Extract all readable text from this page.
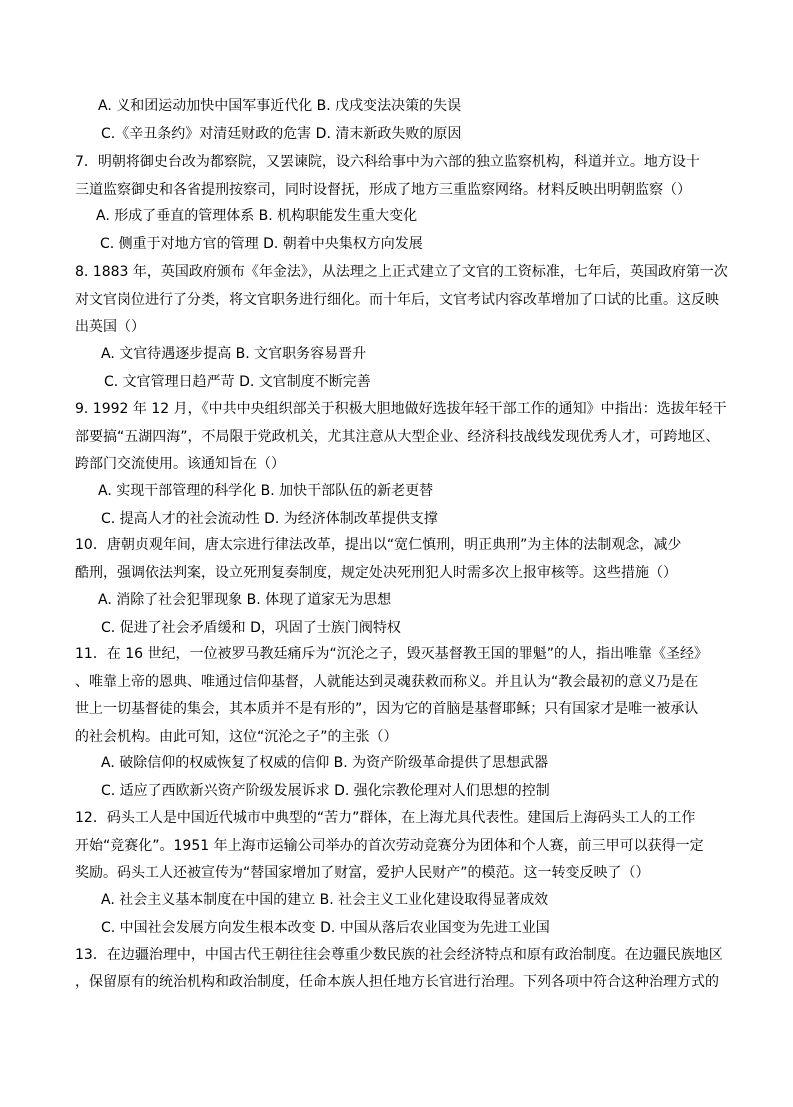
A. 义和团运动加快中国军事近代化 B. 戊戌变法决策的失误
C.《辛丑条约》对清廷财政的危害 D. 清末新政失败的原因
7．明朝将御史台改为都察院，又罢谏院，设六科给事中为六部的独立监察机构，科道并立。地方设十
三道监察御史和各省提刑按察司，同时设督抚，形成了地方三重监察网络。材料反映出明朝监察（）
A. 形成了垂直的管理体系 B. 机构职能发生重大变化
C. 侧重于对地方官的管理 D. 朝着中央集权方向发展
8. 1883 年，英国政府颁布《年金法》，从法理之上正式建立了文官的工资标准，七年后，英国政府第一次
对文官岗位进行了分类，将文官职务进行细化。而十年后，文官考试内容改革增加了口试的比重。这反映
出英国（）
A. 文官待遇逐步提高 B. 文官职务容易晋升
C. 文官管理日趋严苛 D. 文官制度不断完善
9. 1992 年 12 月，《中共中央组织部关于积极大胆地做好选拔年轻干部工作的通知》中指出：选拔年轻干
部要搞“五湖四海”，不局限于党政机关，尤其注意从大型企业、经济科技战线发现优秀人才，可跨地区、
跨部门交流使用。该通知旨在（）
A. 实现干部管理的科学化 B. 加快干部队伍的新老更替
C. 提高人才的社会流动性 D. 为经济体制改革提供支撑
10．唐朝贞观年间，唐太宗进行律法改革，提出以“宽仁慎刑，明正典刑”为主体的法制观念，减少
酷刑，强调依法判案，设立死刑复奏制度，规定处决死刑犯人时需多次上报审核等。这些措施（）
A. 消除了社会犯罪现象 B. 体现了道家无为思想
C. 促进了社会矛盾缓和 D，巩固了士族门阀特权
11．在 16 世纪，一位被罗马教廷痛斥为“沉沦之子，毁灭基督教王国的罪魁”的人，指出唯靠《圣经》
、唯靠上帝的恩典、唯通过信仰基督，人就能达到灵魂获救而称义。并且认为“教会最初的意义乃是在
世上一切基督徒的集会，其本质并不是有形的”，因为它的首脑是基督耶稣；只有国家才是唯一被承认
的社会机构。由此可知，这位“沉沦之子”的主张（）
A. 破除信仰的权威恢复了权威的信仰 B. 为资产阶级革命提供了思想武器
C. 适应了西欧新兴资产阶级发展诉求 D. 强化宗教伦理对人们思想的控制
12．码头工人是中国近代城市中典型的“苦力”群体，在上海尤具代表性。建国后上海码头工人的工作
开始“竞赛化”。1951 年上海市运输公司举办的首次劳动竞赛分为团体和个人赛，前三甲可以获得一定
奖励。码头工人还被宣传为“替国家增加了财富，爱护人民财产”的模范。这一转变反映了（）
A. 社会主义基本制度在中国的建立 B. 社会主义工业化建设取得显著成效
C. 中国社会发展方向发生根本改变 D. 中国从落后农业国变为先进工业国
13．在边疆治理中，中国古代王朝往往会尊重少数民族的社会经济特点和原有政治制度。在边疆民族地区
，保留原有的统治机构和政治制度，任命本族人担任地方长官进行治理。下列各项中符合这种治理方式的
